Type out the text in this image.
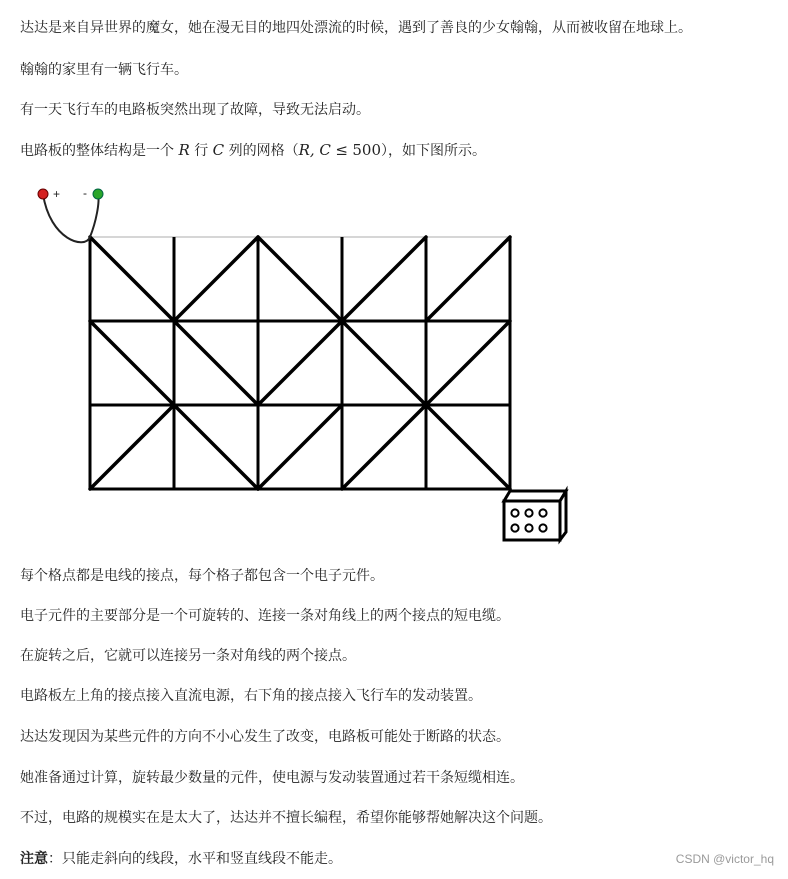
达达是来自异世界的魔女，她在漫无目的地四处漂流的时候，遇到了善良的少女翰翰，从而被收留在地球上。

翰翰的家里有一辆飞行车。

有一天飞行车的电路板突然出现了故障，导致无法启动。

电路板的整体结构是一个 R 行 C 列的网格（R, C ≤ 500），如下图所示。

+ -

每个格点都是电线的接点，每个格子都包含一个电子元件。

电子元件的主要部分是一个可旋转的、连接一条对角线上的两个接点的短电缆。

在旋转之后，它就可以连接另一条对角线的两个接点。

电路板左上角的接点接入直流电源，右下角的接点接入飞行车的发动装置。

达达发现因为某些元件的方向不小心发生了改变，电路板可能处于断路的状态。

她准备通过计算，旋转最少数量的元件，使电源与发动装置通过若干条短缆相连。

不过，电路的规模实在是太大了，达达并不擅长编程，希望你能够帮她解决这个问题。

注意：只能走斜向的线段，水平和竖直线段不能走。	CSDN @victor_hq
